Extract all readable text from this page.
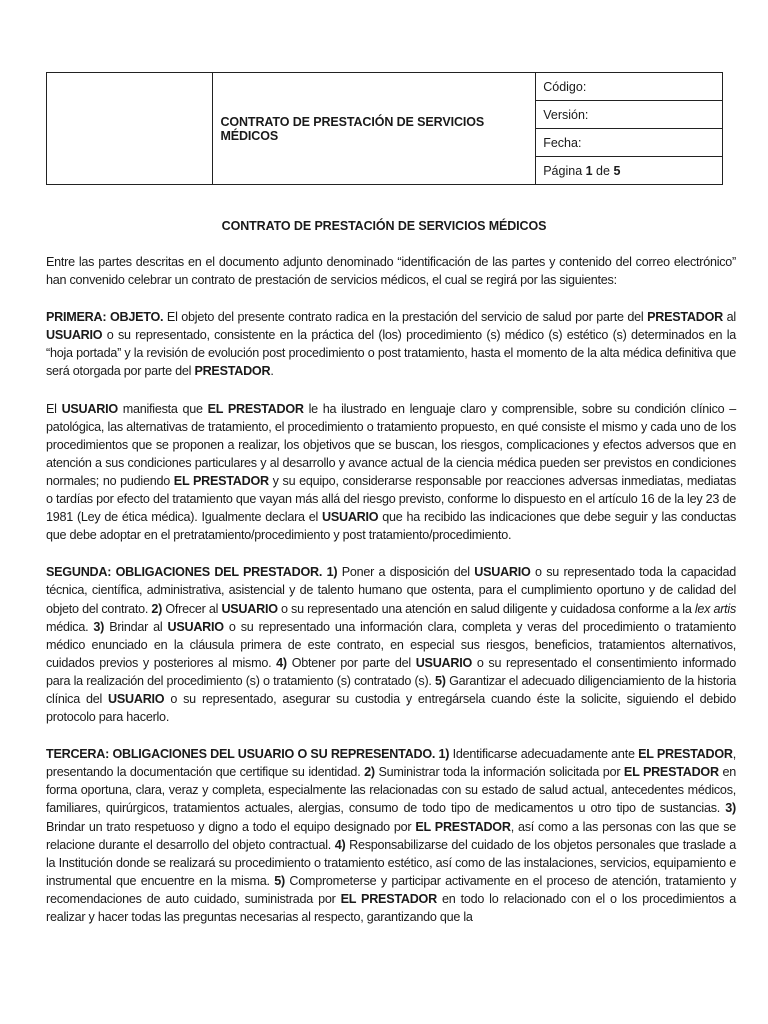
	CONTRATO DE PRESTACIÓN DE SERVICIOS MÉDICOS	Código:
Versión:
Fecha:
Página 1 de 5
CONTRATO DE PRESTACIÓN DE SERVICIOS MÉDICOS

Entre las partes descritas en el documento adjunto denominado “identificación de las partes y contenido del correo electrónico” han convenido celebrar un contrato de prestación de servicios médicos, el cual se regirá por las siguientes:

PRIMERA: OBJETO. El objeto del presente contrato radica en la prestación del servicio de salud por parte del PRESTADOR al USUARIO o su representado, consistente en la práctica del (los) procedimiento (s) médico (s) estético (s) determinados en la “hoja portada” y la revisión de evolución post procedimiento o post tratamiento, hasta el momento de la alta médica definitiva que será otorgada por parte del PRESTADOR.

El USUARIO manifiesta que EL PRESTADOR le ha ilustrado en lenguaje claro y comprensible, sobre su condición clínico – patológica, las alternativas de tratamiento, el procedimiento o tratamiento propuesto, en qué consiste el mismo y cada uno de los procedimientos que se proponen a realizar, los objetivos que se buscan, los riesgos, complicaciones y efectos adversos que en atención a sus condiciones particulares y al desarrollo y avance actual de la ciencia médica pueden ser previstos en condiciones normales; no pudiendo EL PRESTADOR y su equipo, considerarse responsable por reacciones adversas inmediatas, mediatas o tardías por efecto del tratamiento que vayan más allá del riesgo previsto, conforme lo dispuesto en el artículo 16 de la ley 23 de 1981 (Ley de ética médica). Igualmente declara el USUARIO que ha recibido las indicaciones que debe seguir y las conductas que debe adoptar en el pretratamiento/procedimiento y post tratamiento/procedimiento.

SEGUNDA: OBLIGACIONES DEL PRESTADOR. 1) Poner a disposición del USUARIO o su representado toda la capacidad técnica, científica, administrativa, asistencial y de talento humano que ostenta, para el cumplimiento oportuno y de calidad del objeto del contrato. 2) Ofrecer al USUARIO o su representado una atención en salud diligente y cuidadosa conforme a la lex artis médica. 3) Brindar al USUARIO o su representado una información clara, completa y veras del procedimiento o tratamiento médico enunciado en la cláusula primera de este contrato, en especial sus riesgos, beneficios, tratamientos alternativos, cuidados previos y posteriores al mismo. 4) Obtener por parte del USUARIO o su representado el consentimiento informado para la realización del procedimiento (s) o tratamiento (s) contratado (s). 5) Garantizar el adecuado diligenciamiento de la historia clínica del USUARIO o su representado, asegurar su custodia y entregársela cuando éste la solicite, siguiendo el debido protocolo para hacerlo.

TERCERA: OBLIGACIONES DEL USUARIO O SU REPRESENTADO. 1) Identificarse adecuadamente ante EL PRESTADOR, presentando la documentación que certifique su identidad. 2) Suministrar toda la información solicitada por EL PRESTADOR en forma oportuna, clara, veraz y completa, especialmente las relacionadas con su estado de salud actual, antecedentes médicos, familiares, quirúrgicos, tratamientos actuales, alergias, consumo de todo tipo de medicamentos u otro tipo de sustancias. 3) Brindar un trato respetuoso y digno a todo el equipo designado por EL PRESTADOR, así como a las personas con las que se relacione durante el desarrollo del objeto contractual. 4) Responsabilizarse del cuidado de los objetos personales que traslade a la Institución donde se realizará su procedimiento o tratamiento estético, así como de las instalaciones, servicios, equipamiento e instrumental que encuentre en la misma. 5) Comprometerse y participar activamente en el proceso de atención, tratamiento y recomendaciones de auto cuidado, suministrada por EL PRESTADOR en todo lo relacionado con el o los procedimientos a realizar y hacer todas las preguntas necesarias al respecto, garantizando que la
